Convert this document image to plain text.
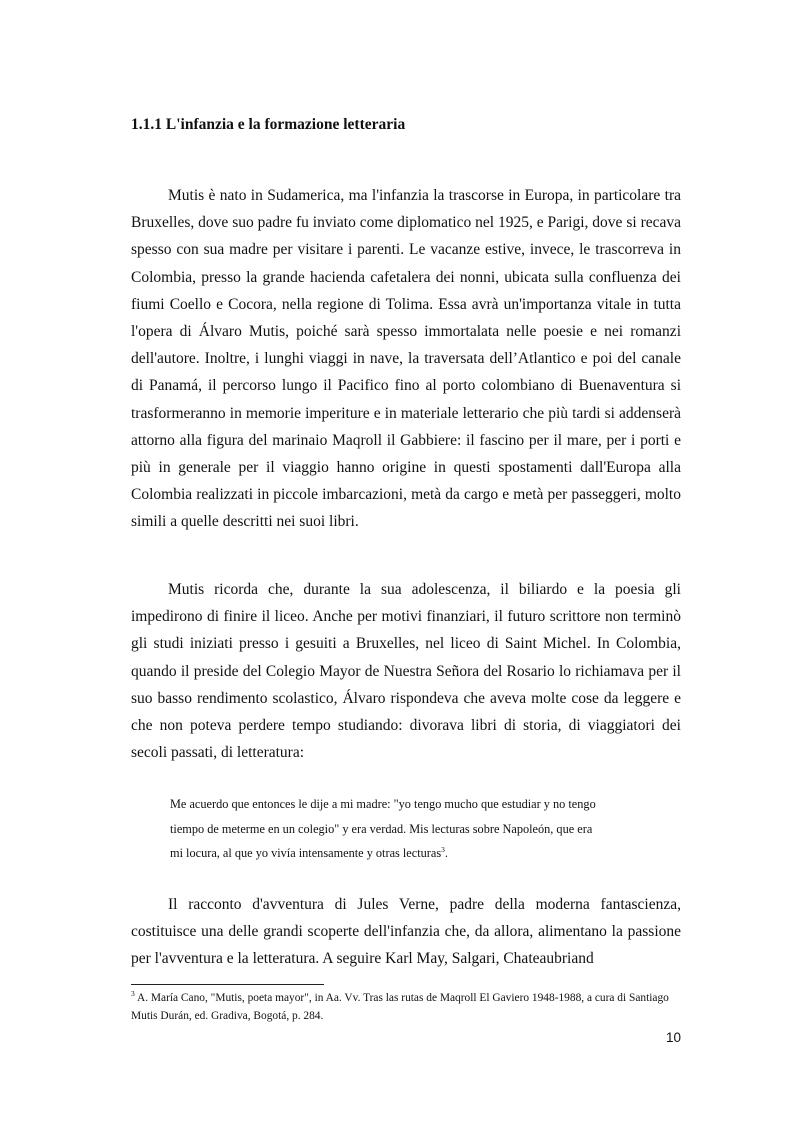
1.1.1 L'infanzia e la formazione letteraria

Mutis è nato in Sudamerica, ma l'infanzia la trascorse in Europa, in particolare tra Bruxelles, dove suo padre fu inviato come diplomatico nel 1925, e Parigi, dove si recava spesso con sua madre per visitare i parenti. Le vacanze estive, invece, le trascorreva in Colombia, presso la grande hacienda cafetalera dei nonni, ubicata sulla confluenza dei fiumi Coello e Cocora, nella regione di Tolima. Essa avrà un'importanza vitale in tutta l'opera di Álvaro Mutis, poiché sarà spesso immortalata nelle poesie e nei romanzi dell'autore. Inoltre, i lunghi viaggi in nave, la traversata dell’Atlantico e poi del canale di Panamá, il percorso lungo il Pacifico fino al porto colombiano di Buenaventura si trasformeranno in memorie imperiture e in materiale letterario che più tardi si addenserà attorno alla figura del marinaio Maqroll il Gabbiere: il fascino per il mare, per i porti e più in generale per il viaggio hanno origine in questi spostamenti dall'Europa alla Colombia realizzati in piccole imbarcazioni, metà da cargo e metà per passeggeri, molto simili a quelle descritti nei suoi libri.

Mutis ricorda che, durante la sua adolescenza, il biliardo e la poesia gli impedirono di finire il liceo. Anche per motivi finanziari, il futuro scrittore non terminò gli studi iniziati presso i gesuiti a Bruxelles, nel liceo di Saint Michel. In Colombia, quando il preside del Colegio Mayor de Nuestra Señora del Rosario lo richiamava per il suo basso rendimento scolastico, Álvaro rispondeva che aveva molte cose da leggere e che non poteva perdere tempo studiando: divorava libri di storia, di viaggiatori dei secoli passati, di letteratura:

Me acuerdo que entonces le dije a mi madre: "yo tengo mucho que estudiar y no tengo
tiempo de meterme en un colegio" y era verdad. Mis lecturas sobre Napoleón, que era
mi locura, al que yo vivía intensamente y otras lecturas$^3$.

Il racconto d'avventura di Jules Verne, padre della moderna fantascienza, costituisce una delle grandi scoperte dell'infanzia che, da allora, alimentano la passione per l'avventura e la letteratura. A seguire Karl May, Salgari, Chateaubriand

$^3$ A. María Cano, "Mutis, poeta mayor", in Aa. Vv. Tras las rutas de Maqroll El Gaviero 1948-1988, a cura di Santiago Mutis Durán, ed. Gradiva, Bogotá, p. 284.

10
